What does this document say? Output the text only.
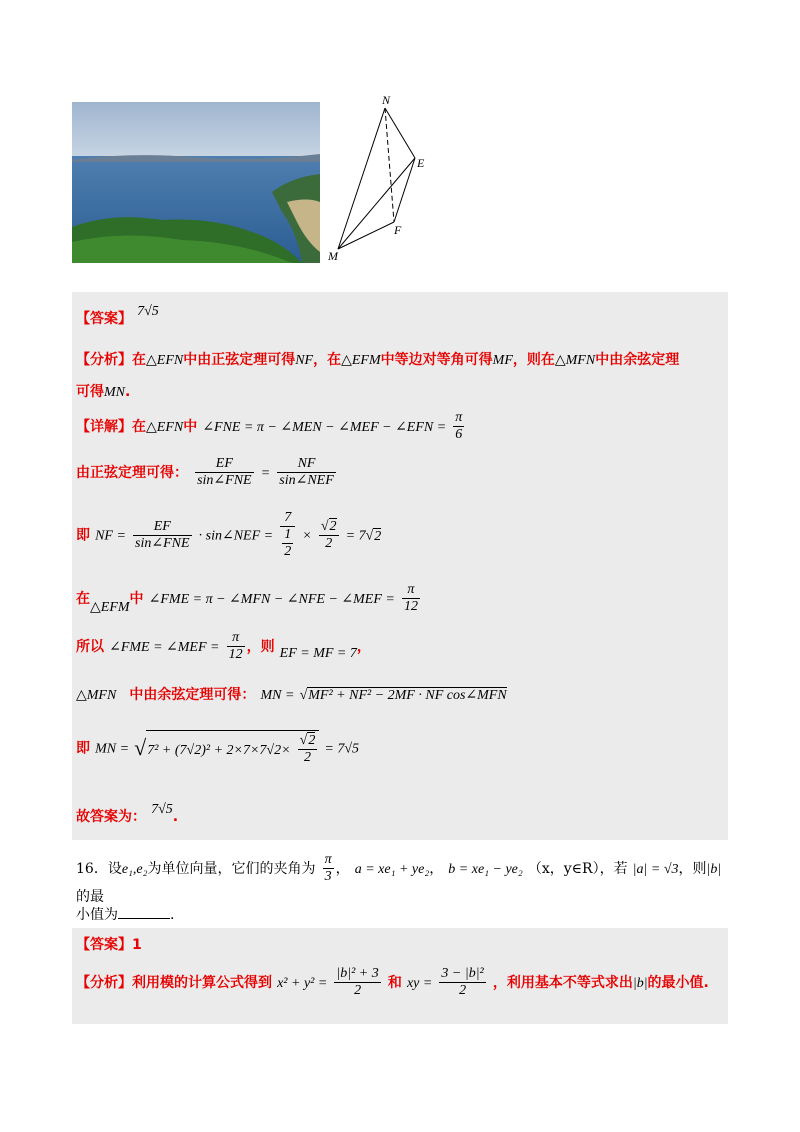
N
E
F
M
【答案】 7√5
【分析】在△EFN中由正弦定理可得NF，在△EFM中等边对等角可得MF，则在△MFN中由余弦定理
可得MN.
【详解】在△EFN中 ∠FNE = π − ∠MEN − ∠MEF − ∠EFN = $\frac{\pi}{6}$
由正弦定理可得： $\frac{EF}{\text{sin∠FNE}} = \frac{NF}{\text{sin∠NEF}}$
即 NF = $\frac{EF}{\text{sin∠FNE}}$ · sin∠NEF = $\frac{7}{\frac{1}{2}} \times \frac{√2}{2} = 7√2$
在△EFM中 ∠FME = π − ∠MFN − ∠NFE − ∠MEF = $\frac{\pi}{12}$
所以 ∠FME = ∠MEF = $\frac{\pi}{12}$ ，则 EF = MF = 7，
△MFN 中由余弦定理可得： MN = √MF² + NF² − 2MF · NF cos∠MFN
即 MN = $√7^2 + (7√2)^2 + 2\times 7\times 7√2\times \frac{√2}{2} = 7√5$
故答案为： 7√5.
16．设e₁,e₂为单位向量，它们的夹角为 $\frac{\pi}{3}$ ， a = xe₁ + ye₂， b = xe₁ − ye₂ （x，y∈R），若 |a| = √3，则|b|的最
小值为	.
【答案】1
【分析】利用模的计算公式得到 $x^2 + y^2 = \frac{\text{|b|² + 3}}{2}$ 和 xy = $\frac{\text{3 − |b|²}}{2}$ ，利用基本不等式求出|b|的最小值.
